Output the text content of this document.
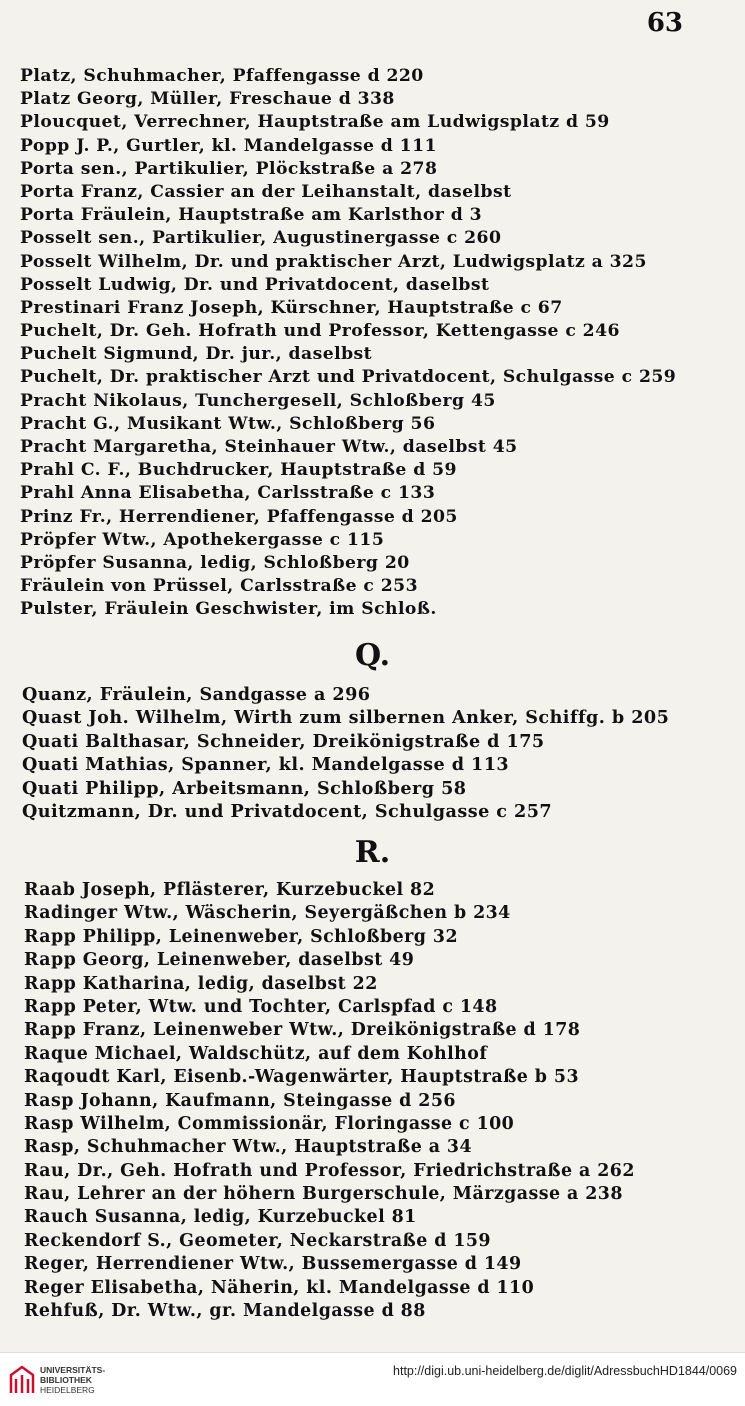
63
Platz, Schuhmacher, Pfaffengasse d 220
Platz Georg, Müller, Freschaue d 338
Ploucquet, Verrechner, Hauptstraße am Ludwigsplatz d 59
Popp J. P., Gurtler, kl. Mandelgasse d 111
Porta sen., Partikulier, Plöckstraße a 278
Porta Franz, Cassier an der Leihanstalt, daselbst
Porta Fräulein, Hauptstraße am Karlsthor d 3
Posselt sen., Partikulier, Augustinergasse c 260
Posselt Wilhelm, Dr. und praktischer Arzt, Ludwigsplatz a 325
Posselt Ludwig, Dr. und Privatdocent, daselbst
Prestinari Franz Joseph, Kürschner, Hauptstraße c 67
Puchelt, Dr. Geh. Hofrath und Professor, Kettengasse c 246
Puchelt Sigmund, Dr. jur., daselbst
Puchelt, Dr. praktischer Arzt und Privatdocent, Schulgasse c 259
Pracht Nikolaus, Tunchergesell, Schloßberg 45
Pracht G., Musikant Wtw., Schloßberg 56
Pracht Margaretha, Steinhauer Wtw., daselbst 45
Prahl C. F., Buchdrucker, Hauptstraße d 59
Prahl Anna Elisabetha, Carlsstraße c 133
Prinz Fr., Herrendiener, Pfaffengasse d 205
Pröpfer Wtw., Apothekergasse c 115
Pröpfer Susanna, ledig, Schloßberg 20
Fräulein von Prüssel, Carlsstraße c 253
Pulster, Fräulein Geschwister, im Schloß.
Q.
Quanz, Fräulein, Sandgasse a 296
Quast Joh. Wilhelm, Wirth zum silbernen Anker, Schiffg. b 205
Quati Balthasar, Schneider, Dreikönigstraße d 175
Quati Mathias, Spanner, kl. Mandelgasse d 113
Quati Philipp, Arbeitsmann, Schloßberg 58
Quitzmann, Dr. und Privatdocent, Schulgasse c 257
R.
Raab Joseph, Pflästerer, Kurzebuckel 82
Radinger Wtw., Wäscherin, Seyergäßchen b 234
Rapp Philipp, Leinenweber, Schloßberg 32
Rapp Georg, Leinenweber, daselbst 49
Rapp Katharina, ledig, daselbst 22
Rapp Peter, Wtw. und Tochter, Carlspfad c 148
Rapp Franz, Leinenweber Wtw., Dreikönigstraße d 178
Raque Michael, Waldschütz, auf dem Kohlhof
Raqoudt Karl, Eisenb.-Wagenwärter, Hauptstraße b 53
Rasp Johann, Kaufmann, Steingasse d 256
Rasp Wilhelm, Commissionär, Floringasse c 100
Rasp, Schuhmacher Wtw., Hauptstraße a 34
Rau, Dr., Geh. Hofrath und Professor, Friedrichstraße a 262
Rau, Lehrer an der höhern Burgerschule, Märzgasse a 238
Rauch Susanna, ledig, Kurzebuckel 81
Reckendorf S., Geometer, Neckarstraße d 159
Reger, Herrendiener Wtw., Bussemergasse d 149
Reger Elisabetha, Näherin, kl. Mandelgasse d 110
Rehfuß, Dr. Wtw., gr. Mandelgasse d 88
UNIVERSITÄTS-
BIBLIOTHEK
HEIDELBERG
http://digi.ub.uni-heidelberg.de/diglit/AdressbuchHD1844/0069
